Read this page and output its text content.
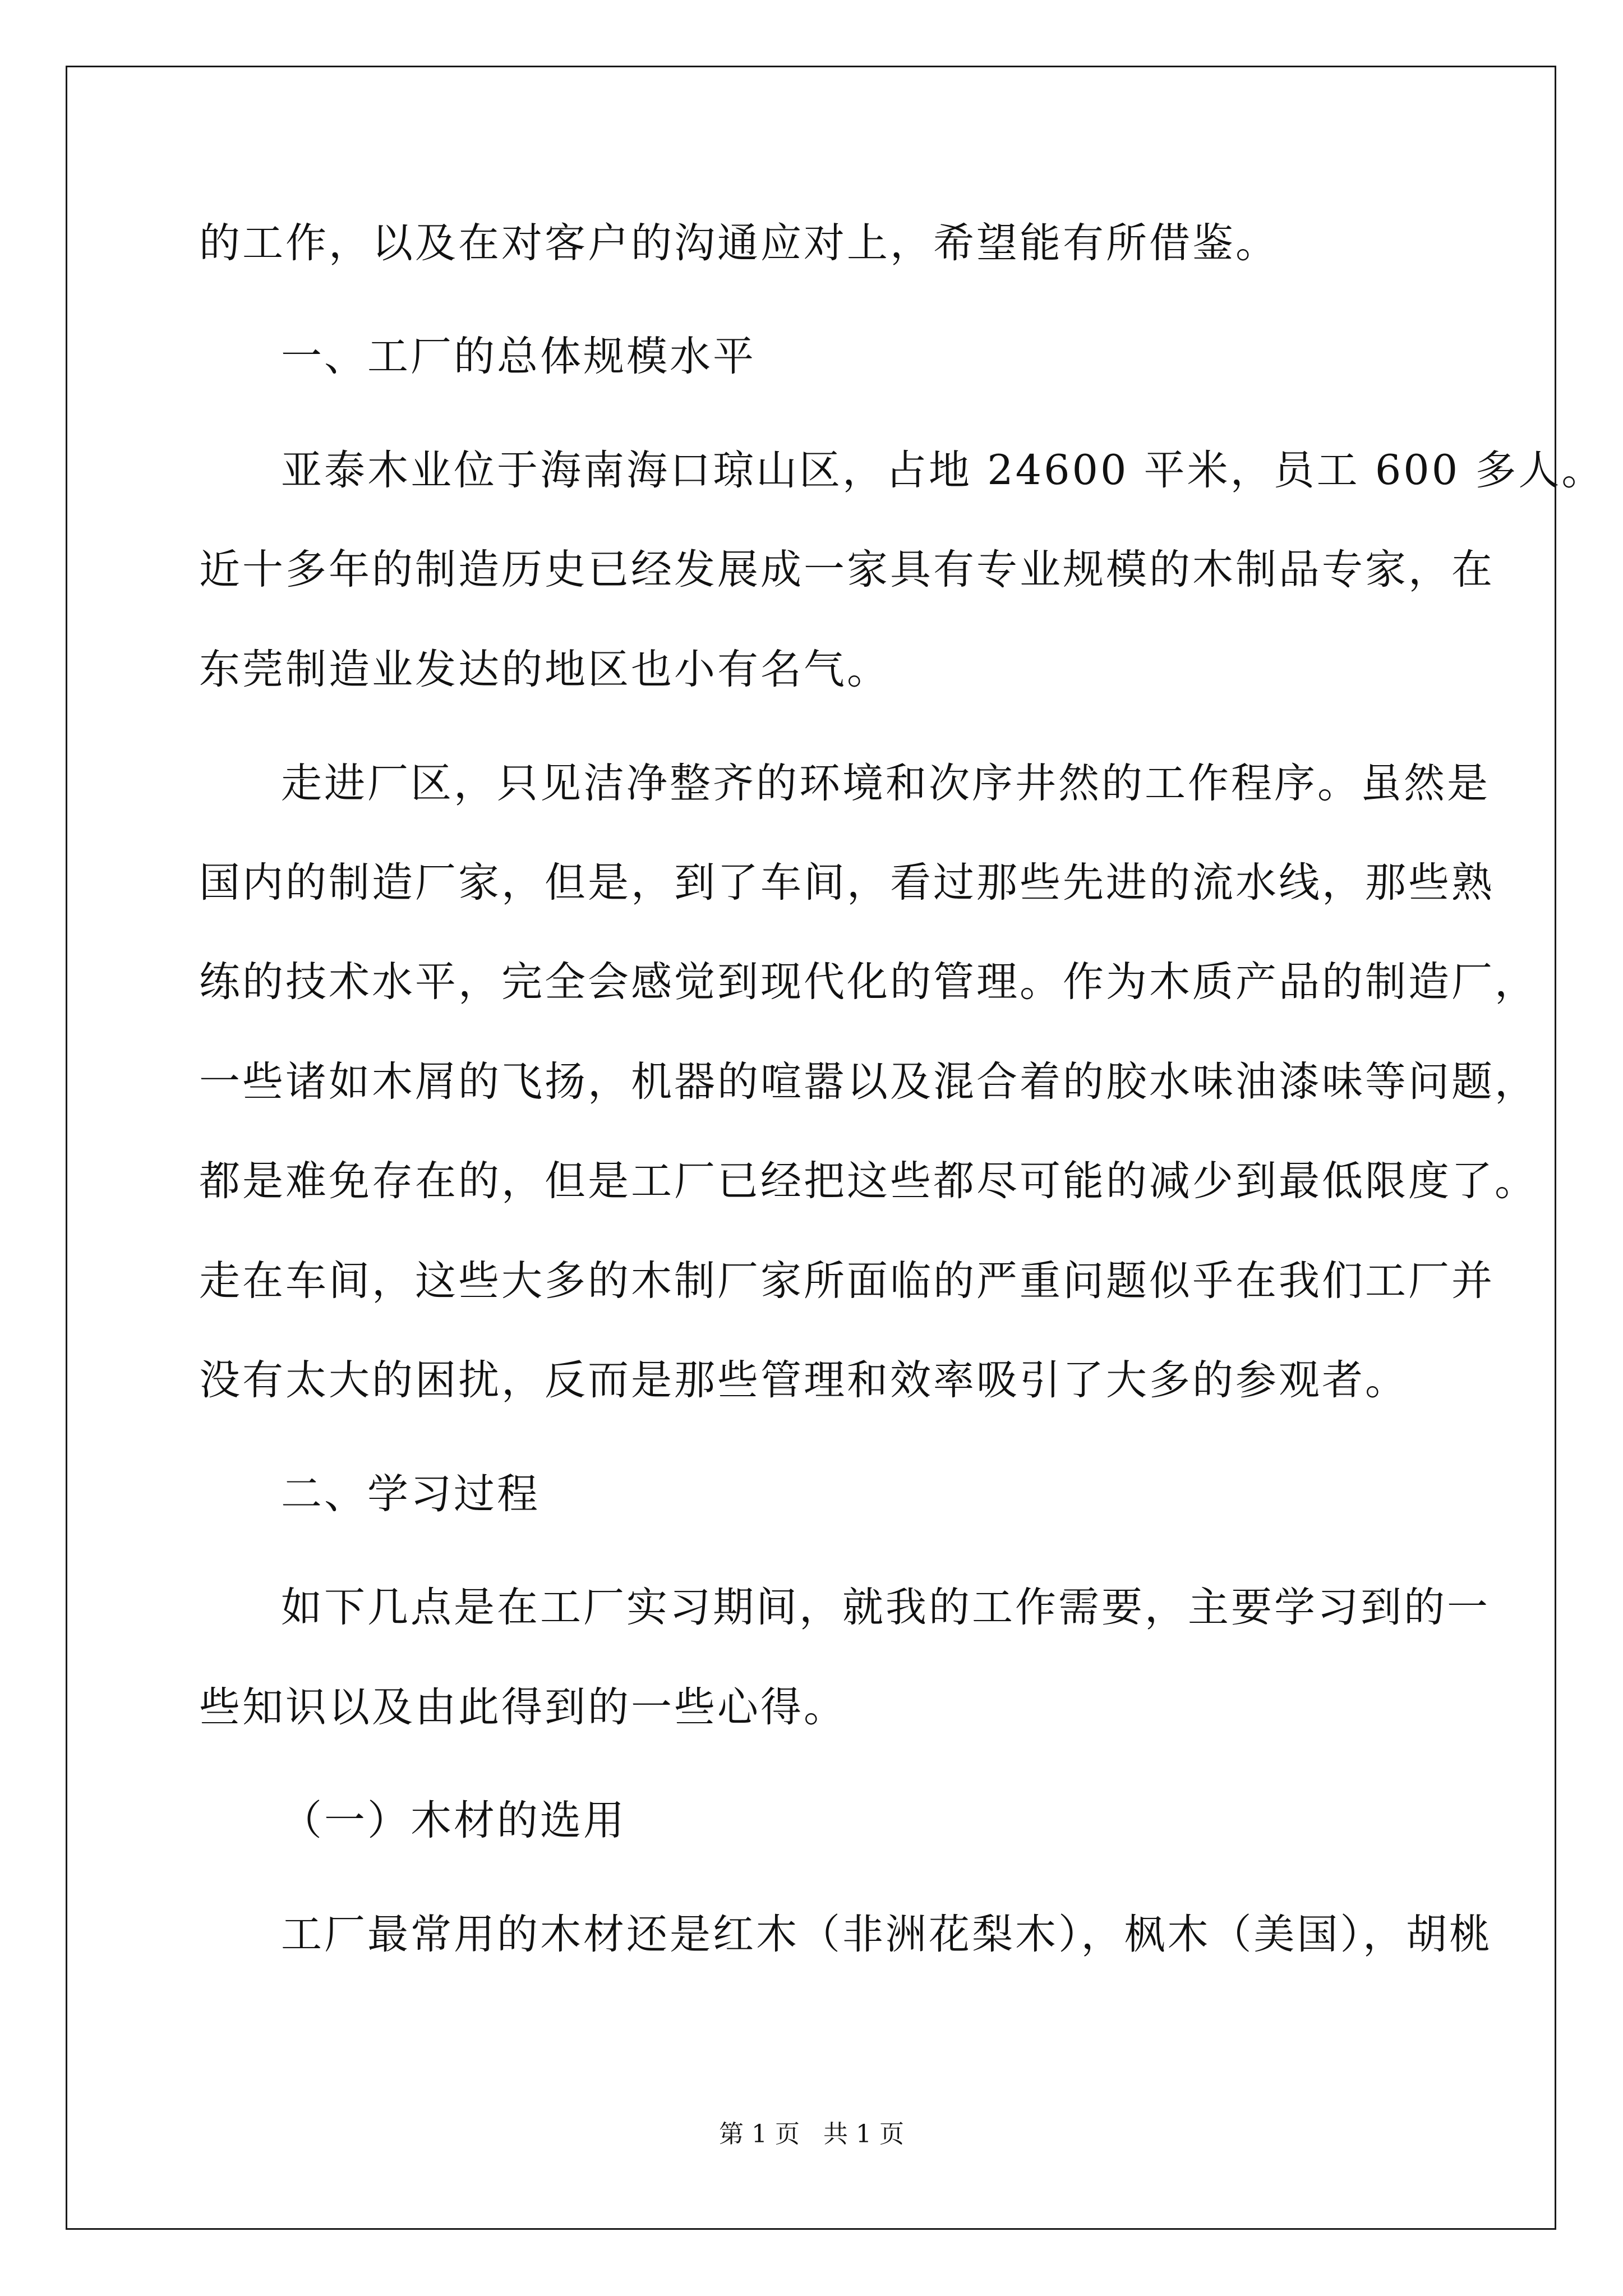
的工作，以及在对客户的沟通应对上，希望能有所借鉴。
一、工厂的总体规模水平
亚泰木业位于海南海口琼山区，占地 24600 平米，员工 600 多人。
近十多年的制造历史已经发展成一家具有专业规模的木制品专家，在
东莞制造业发达的地区也小有名气。
走进厂区，只见洁净整齐的环境和次序井然的工作程序。虽然是
国内的制造厂家，但是，到了车间，看过那些先进的流水线，那些熟
练的技术水平，完全会感觉到现代化的管理。作为木质产品的制造厂，
一些诸如木屑的飞扬，机器的喧嚣以及混合着的胶水味油漆味等问题，
都是难免存在的，但是工厂已经把这些都尽可能的减少到最低限度了。
走在车间，这些大多的木制厂家所面临的严重问题似乎在我们工厂并
没有太大的困扰，反而是那些管理和效率吸引了大多的参观者。
二、学习过程
如下几点是在工厂实习期间，就我的工作需要，主要学习到的一
些知识以及由此得到的一些心得。
（一）木材的选用
工厂最常用的木材还是红木（非洲花梨木），枫木（美国），胡桃
第 1 页   共 1 页
